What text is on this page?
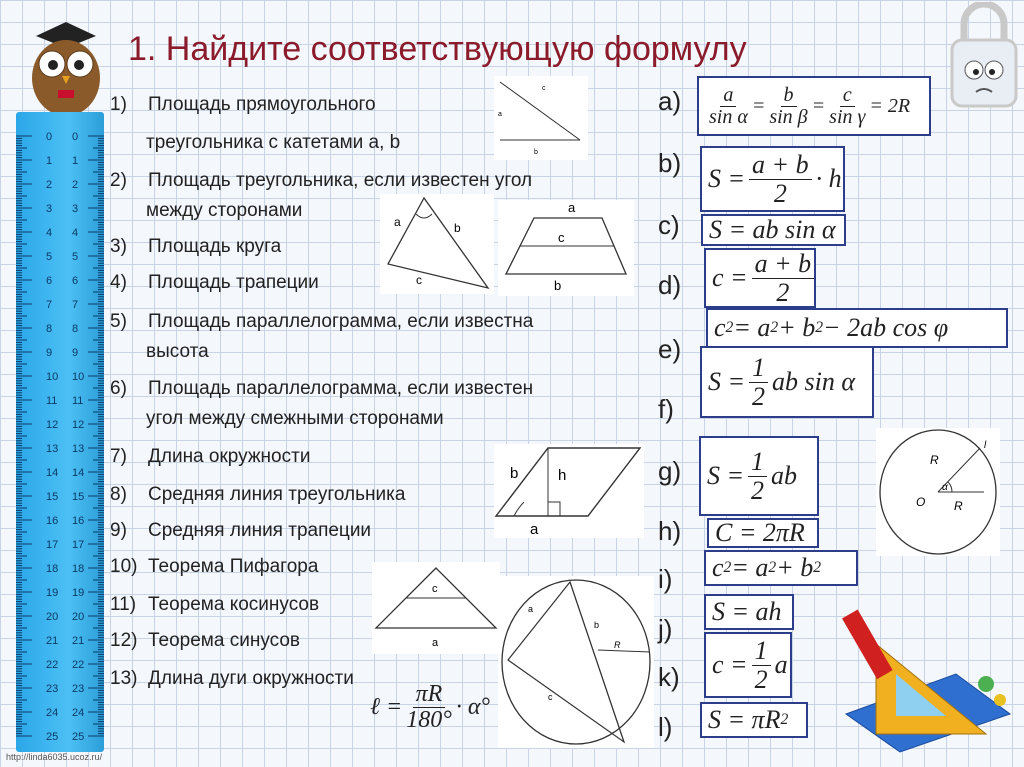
0 0
1 1
2 2
3 3
4 4
5 5
6 6
7 7
8 8
9 9
10 10
11 11
12 12
13 13
14 14
15 15
16 16
17 17
18 18
19 19
20 20
21 21
22 22
23 23
24 24
25 25
1. Найдите соответствующую формулу
1) Площадь прямоугольного
треугольника с катетами a, b
2) Площадь треугольника, если известен угол
между сторонами
3) Площадь круга
4) Площадь трапеции
5) Площадь параллелограмма, если известна
высота
6) Площадь параллелограмма, если известен
угол между смежными сторонами
7) Длина окружности
8) Средняя линия треугольника
9) Средняя линия трапеции
10) Теорема Пифагора
11) Теорема косинусов
12) Теорема синусов
13) Длина дуги окружности
a)
b)
c)
d)
e)
f)
g)
h)
i)
j)
k)
l)
$\frac{a}{\text{sin α}} = \frac{b}{\text{sin β}} = \frac{c}{\text{sin γ}} = 2R$
$S = \frac{a + b}{2} \cdot h$
S = ab sin α
$c = \frac{a + b}{2}$
c 2 = a 2 + b 2 − 2ab cos φ
$S = \frac{1}{2}$ ab sin α
$S = \frac{1}{2}$ ab
C = 2πR
c 2 = a 2 + b 2
S = ah
$c = \frac{1}{2}$ a
S = πR 2
ℓ = $\frac{\pi R}{180^\circ} \cdot \alpha^\circ$
c
a
b
a	b
c
a
c
b
b	h
a
c
a
a
b
c
R
R
R
O
α
l
http://linda6035.ucoz.ru/
